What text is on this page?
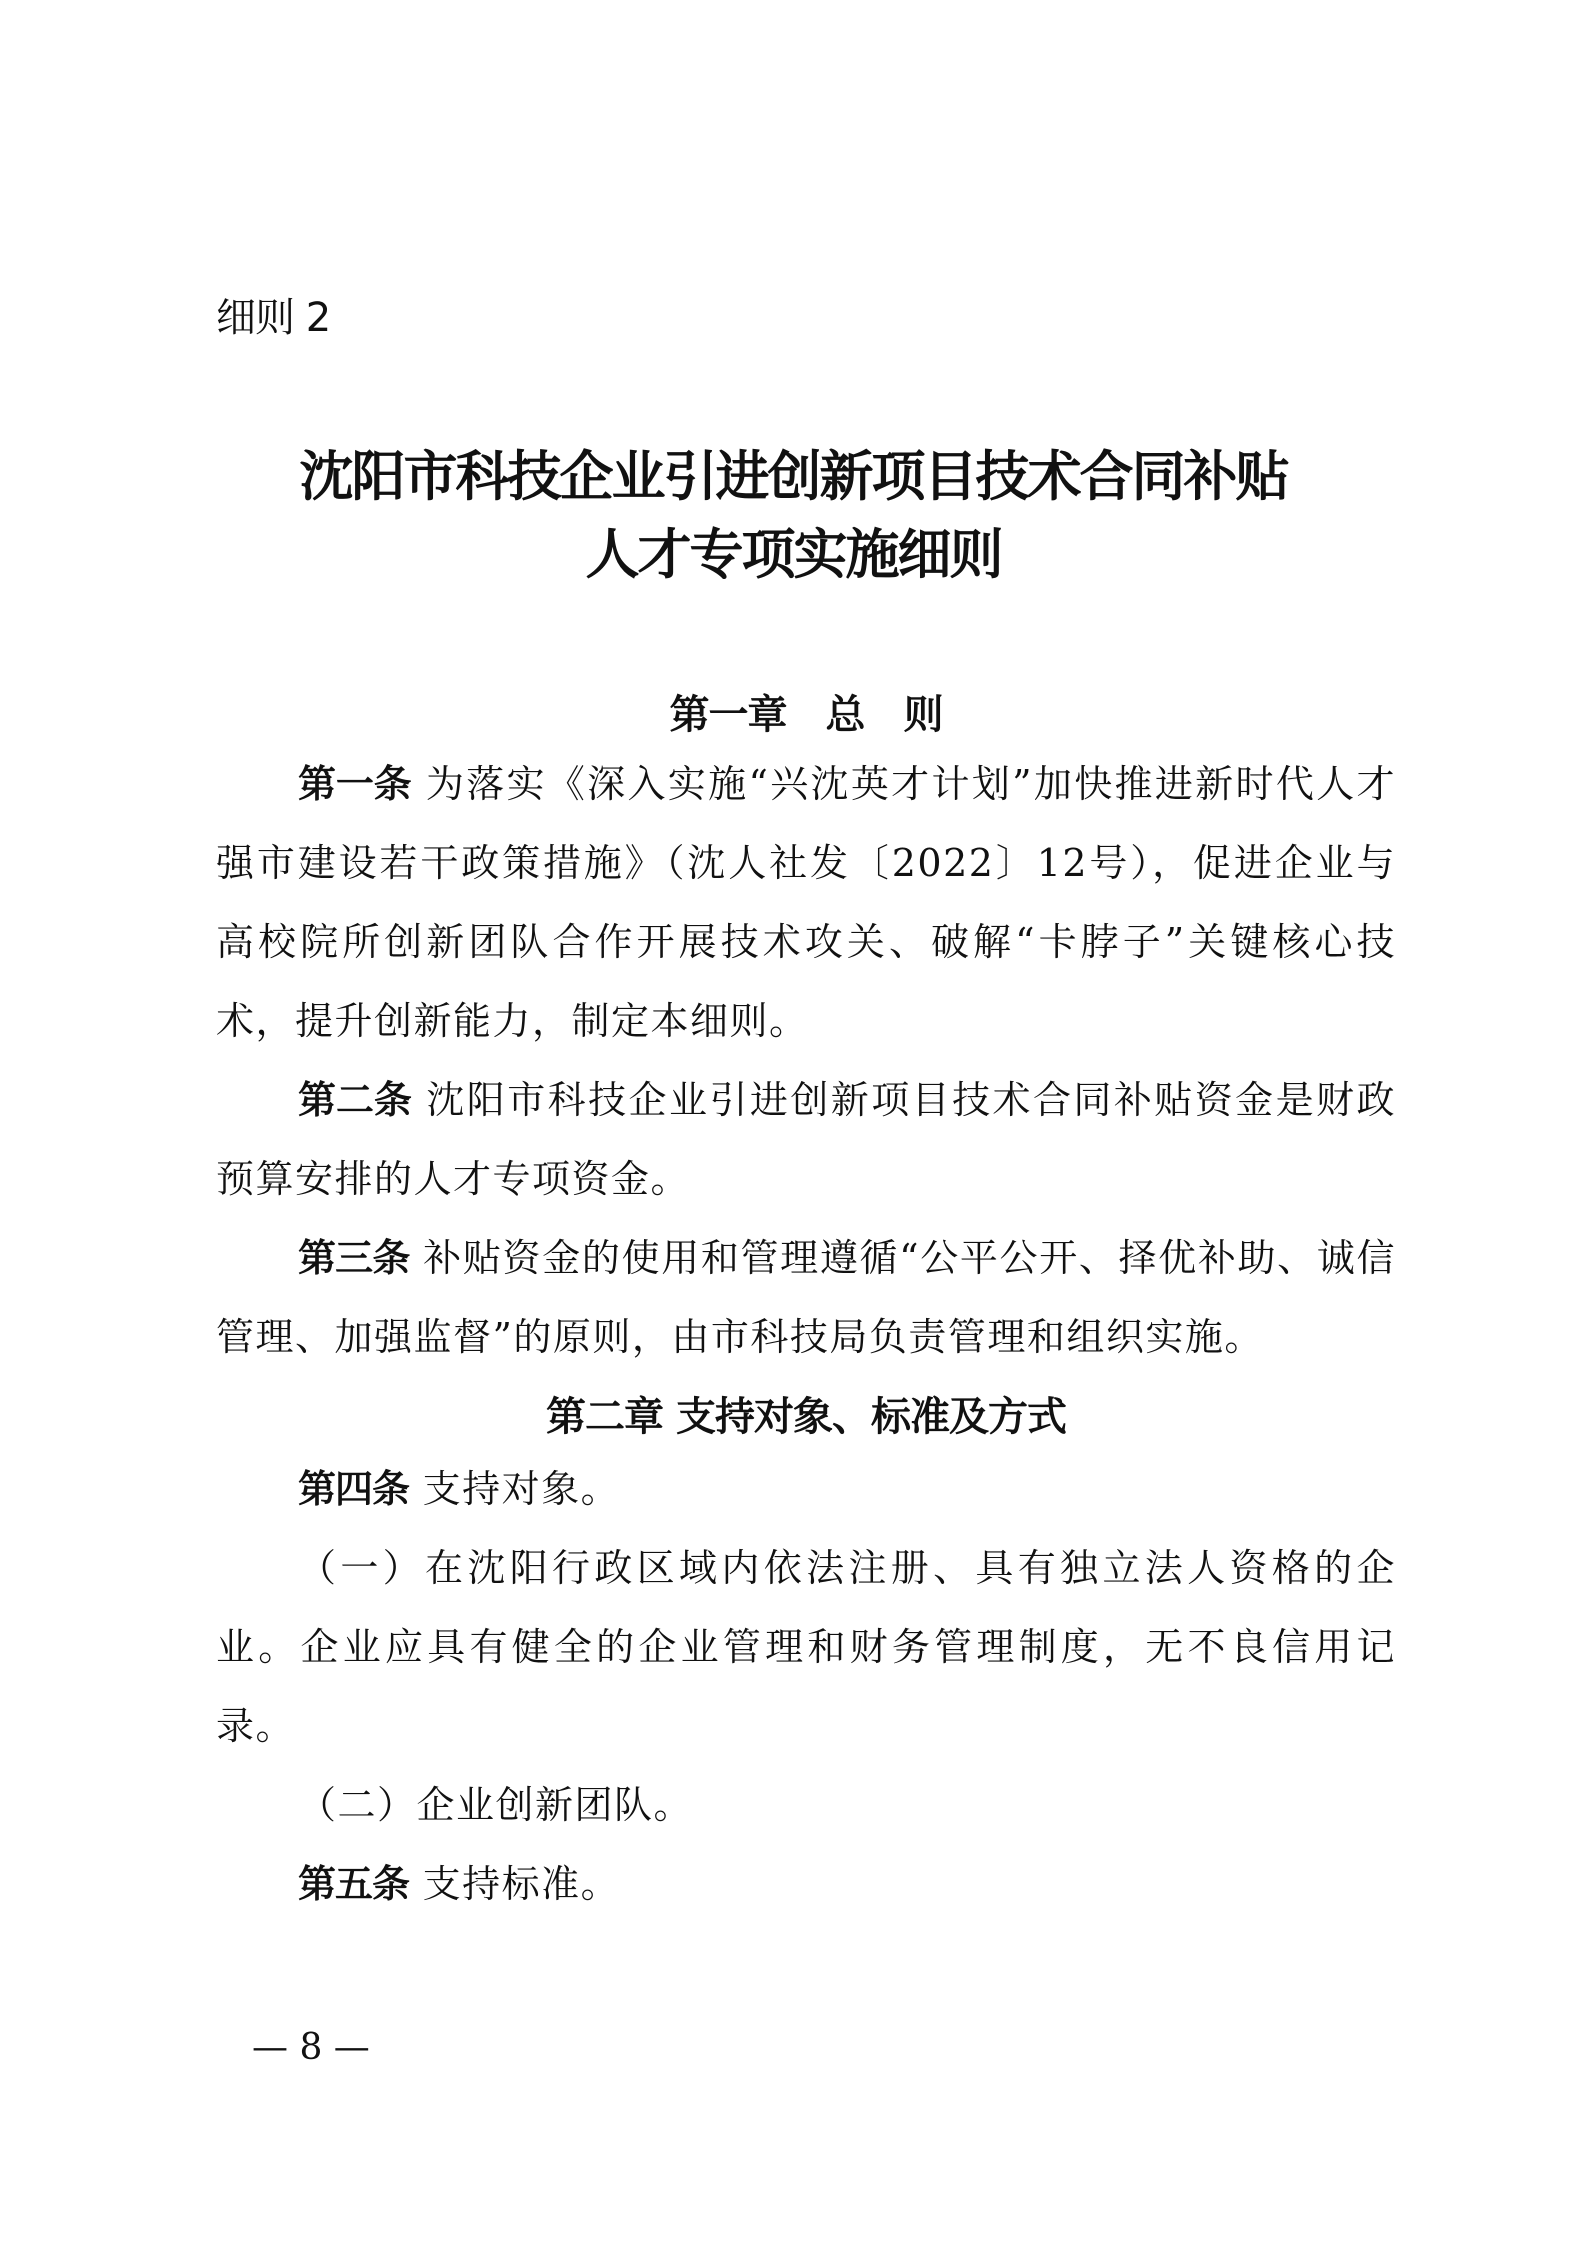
细则 2
沈阳市科技企业引进创新项目技术合同补贴
人才专项实施细则
第一章　总　则

第一条 为落实《深入实施“兴沈英才计划”加快推进新时代人才强市建设若干政策措施》（沈人社发〔2022〕12号），促进企业与高校院所创新团队合作开展技术攻关、破解“卡脖子”关键核心技术，提升创新能力，制定本细则。

第二条 沈阳市科技企业引进创新项目技术合同补贴资金是财政预算安排的人才专项资金。

第三条 补贴资金的使用和管理遵循“公平公开、择优补助、诚信管理、加强监督”的原则，由市科技局负责管理和组织实施。

第二章 支持对象、标准及方式

第四条 支持对象。

（一）在沈阳行政区域内依法注册、具有独立法人资格的企业。企业应具有健全的企业管理和财务管理制度，无不良信用记录。

（二）企业创新团队。

第五条 支持标准。

— 8 —
